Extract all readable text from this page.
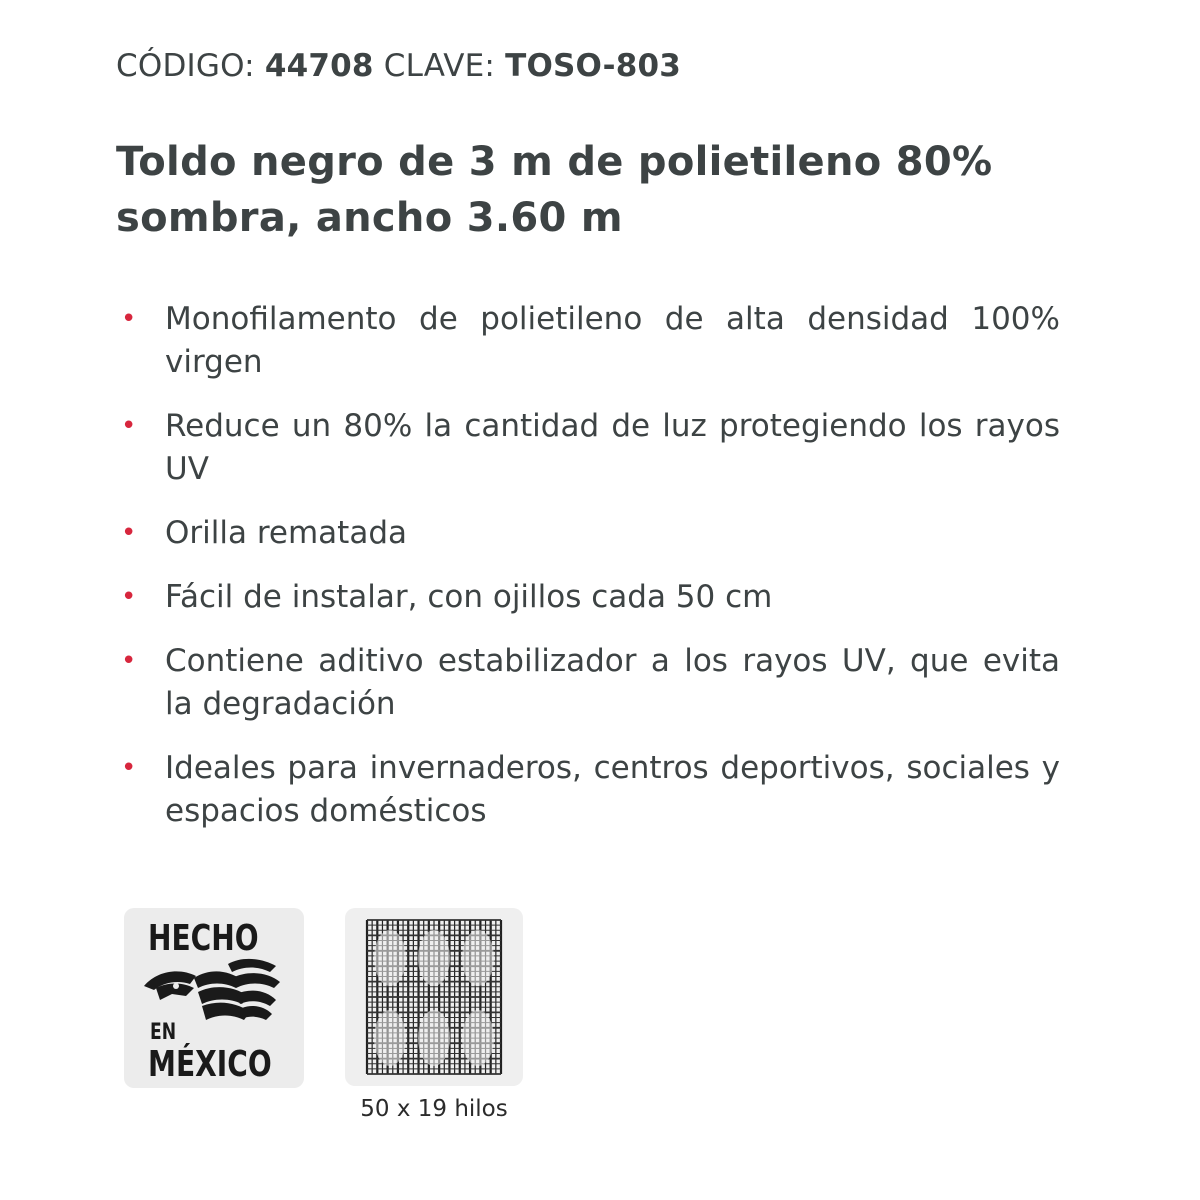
CÓDIGO: 44708 CLAVE: TOSO-803
Toldo negro de 3 m de polietileno 80% sombra, ancho 3.60 m
• Monofilamento de polietileno de alta densidad 100% virgen
• Reduce un 80% la cantidad de luz protegiendo los rayos UV
• Orilla rematada
• Fácil de instalar, con ojillos cada 50 cm
• Contiene aditivo estabilizador a los rayos UV, que evita la degradación
• Ideales para invernaderos, centros deportivos, sociales y espacios domésticos
HECHO
EN
MÉXICO
50 x 19 hilos
